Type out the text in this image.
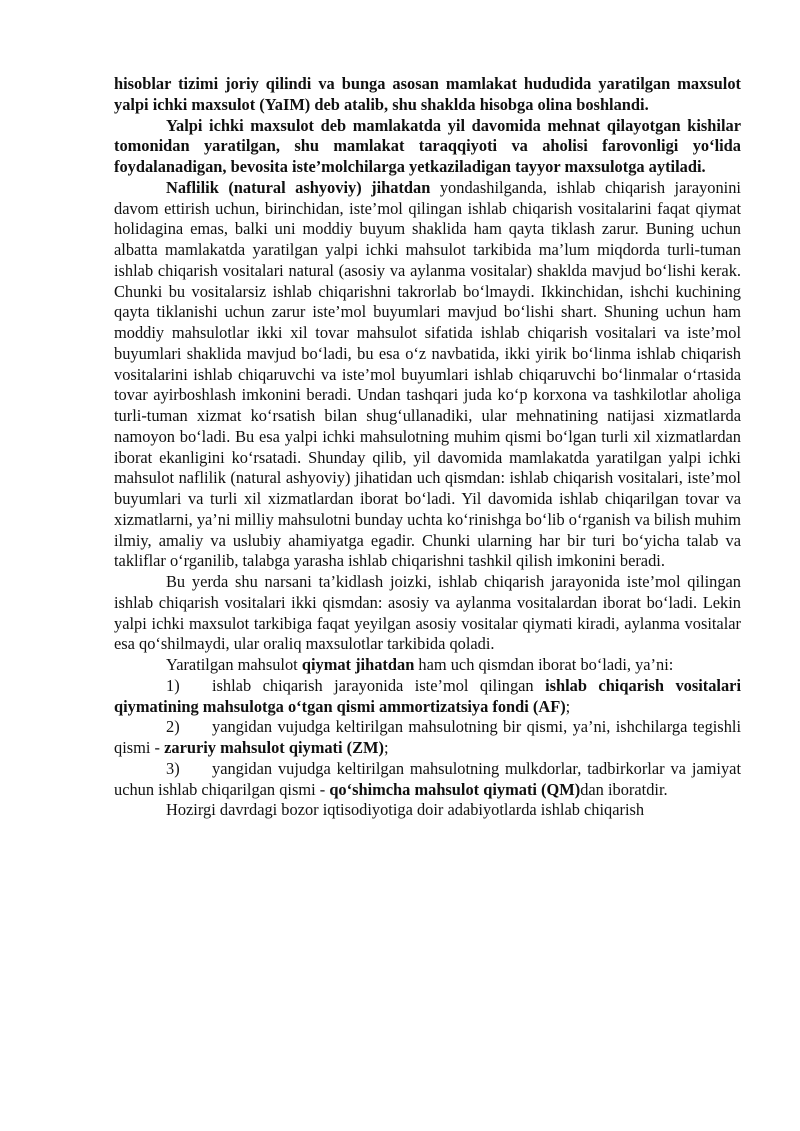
hisoblar tizimi joriy qilindi va bunga asosan mamlakat hududida yaratilgan maxsulot yalpi ichki maxsulot (YaIM) deb atalib, shu shaklda hisobga olina boshlandi.

Yalpi ichki maxsulot deb mamlakatda yil davomida mehnat qilayotgan kishilar tomonidan yaratilgan, shu mamlakat taraqqiyoti va aholisi farovonligi yo‘lida foydalanadigan, bevosita iste’molchilarga yetkaziladigan tayyor maxsulotga aytiladi.

Naflilik (natural ashyoviy) jihatdan yondashilganda, ishlab chiqarish jarayonini davom ettirish uchun, birinchidan, iste’mol qilingan ishlab chiqarish vositalarini faqat qiymat holidagina emas, balki uni moddiy buyum shaklida ham qayta tiklash zarur. Buning uchun albatta mamlakatda yaratilgan yalpi ichki mahsulot tarkibida ma’lum miqdorda turli-tuman ishlab chiqarish vositalari natural (asosiy va aylanma vositalar) shaklda mavjud bo‘lishi kerak. Chunki bu vositalarsiz ishlab chiqarishni takrorlab bo‘lmaydi. Ikkinchidan, ishchi kuchining qayta tiklanishi uchun zarur iste’mol buyumlari mavjud bo‘lishi shart. Shuning uchun ham moddiy mahsulotlar ikki xil tovar mahsulot sifatida ishlab chiqarish vositalari va iste’mol buyumlari shaklida mavjud bo‘ladi, bu esa o‘z navbatida, ikki yirik bo‘linma ishlab chiqarish vositalarini ishlab chiqaruvchi va iste’mol buyumlari ishlab chiqaruvchi bo‘linmalar o‘rtasida tovar ayirboshlash imkonini beradi. Undan tashqari juda ko‘p korxona va tashkilotlar aholiga turli-tuman xizmat ko‘rsatish bilan shug‘ullanadiki, ular mehnatining natijasi xizmatlarda namoyon bo‘ladi. Bu esa yalpi ichki mahsulotning muhim qismi bo‘lgan turli xil xizmatlardan iborat ekanligini ko‘rsatadi. Shunday qilib, yil davomida mamlakatda yaratilgan yalpi ichki mahsulot naflilik (natural ashyoviy) jihatidan uch qismdan: ishlab chiqarish vositalari, iste’mol buyumlari va turli xil xizmatlardan iborat bo‘ladi. Yil davomida ishlab chiqarilgan tovar va xizmatlarni, ya’ni milliy mahsulotni bunday uchta ko‘rinishga bo‘lib o‘rganish va bilish muhim ilmiy, amaliy va uslubiy ahamiyatga egadir. Chunki ularning har bir turi bo‘yicha talab va takliflar o‘rganilib, talabga yarasha ishlab chiqarishni tashkil qilish imkonini beradi.

Bu yerda shu narsani ta’kidlash joizki, ishlab chiqarish jarayonida iste’mol qilingan ishlab chiqarish vositalari ikki qismdan: asosiy va aylanma vositalardan iborat bo‘ladi. Lekin yalpi ichki maxsulot tarkibiga faqat yeyilgan asosiy vositalar qiymati kiradi, aylanma vositalar esa qo‘shilmaydi, ular oraliq maxsulotlar tarkibida qoladi.

Yaratilgan mahsulot qiymat jihatdan ham uch qismdan iborat bo‘ladi, ya’ni:

1) ishlab chiqarish jarayonida iste’mol qilingan ishlab chiqarish vositalari qiymatining mahsulotga o‘tgan qismi ammortizatsiya fondi (AF);

2) yangidan vujudga keltirilgan mahsulotning bir qismi, ya’ni, ishchilarga tegishli qismi - zaruriy mahsulot qiymati (ZM);

3) yangidan vujudga keltirilgan mahsulotning mulkdorlar, tadbirkorlar va jamiyat uchun ishlab chiqarilgan qismi - qo‘shimcha mahsulot qiymati (QM)dan iboratdir.

Hozirgi davrdagi bozor iqtisodiyotiga doir adabiyotlarda ishlab chiqarish
